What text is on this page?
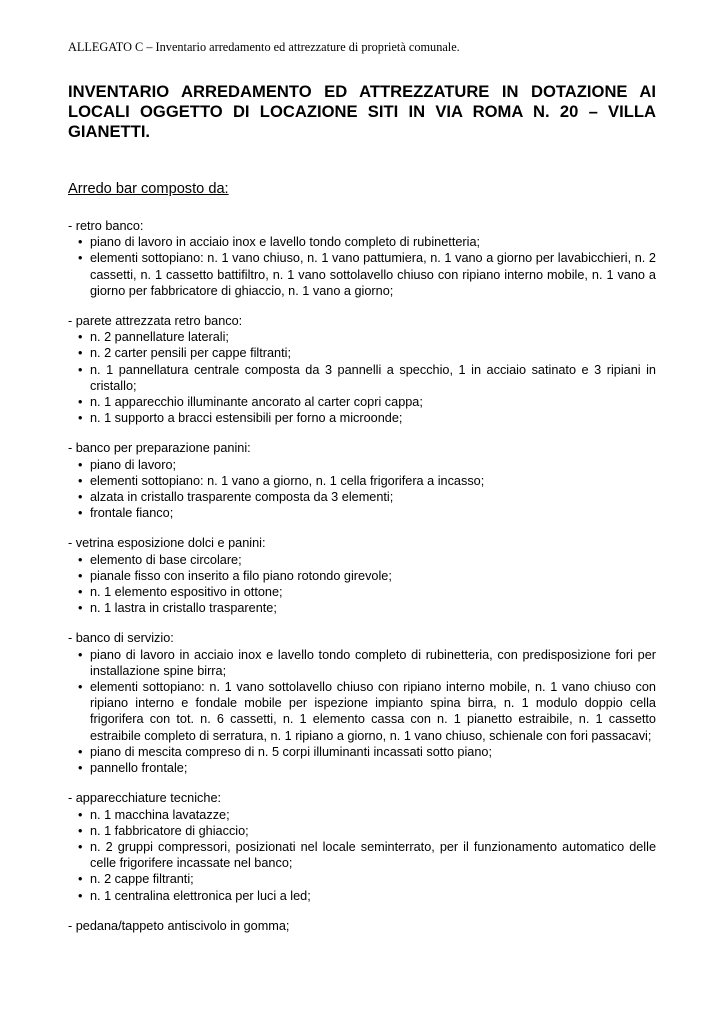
ALLEGATO C – Inventario arredamento ed attrezzature di proprietà comunale.
INVENTARIO ARREDAMENTO ED ATTREZZATURE IN DOTAZIONE AI LOCALI OGGETTO DI LOCAZIONE SITI IN VIA ROMA N. 20 – VILLA GIANETTI.
Arredo bar composto da:
- retro banco:
• piano di lavoro in acciaio inox e lavello tondo completo di rubinetteria;
• elementi sottopiano: n. 1 vano chiuso, n. 1 vano pattumiera, n. 1 vano a giorno per lavabicchieri, n. 2 cassetti, n. 1 cassetto battifiltro, n. 1 vano sottolavello chiuso con ripiano interno mobile, n. 1 vano a giorno per fabbricatore di ghiaccio, n. 1 vano a giorno;
- parete attrezzata retro banco:
• n. 2 pannellature laterali;
• n. 2 carter pensili per cappe filtranti;
• n. 1 pannellatura centrale composta da 3 pannelli a specchio, 1 in acciaio satinato e 3 ripiani in cristallo;
• n. 1 apparecchio illuminante ancorato al carter copri cappa;
• n. 1 supporto a bracci estensibili per forno a microonde;
- banco per preparazione panini:
• piano di lavoro;
• elementi sottopiano: n. 1 vano a giorno, n. 1 cella frigorifera a incasso;
• alzata in cristallo trasparente composta da 3 elementi;
• frontale fianco;
- vetrina esposizione dolci e panini:
• elemento di base circolare;
• pianale fisso con inserito a filo piano rotondo girevole;
• n. 1 elemento espositivo in ottone;
• n. 1 lastra in cristallo trasparente;
- banco di servizio:
• piano di lavoro in acciaio inox e lavello tondo completo di rubinetteria, con predisposizione fori per installazione spine birra;
• elementi sottopiano: n. 1 vano sottolavello chiuso con ripiano interno mobile, n. 1 vano chiuso con ripiano interno e fondale mobile per ispezione impianto spina birra, n. 1 modulo doppio cella frigorifera con tot. n. 6 cassetti, n. 1 elemento cassa con n. 1 pianetto estraibile, n. 1 cassetto estraibile completo di serratura, n. 1 ripiano a giorno, n. 1 vano chiuso, schienale con fori passacavi;
• piano di mescita compreso di n. 5 corpi illuminanti incassati sotto piano;
• pannello frontale;
- apparecchiature tecniche:
• n. 1 macchina lavatazze;
• n. 1 fabbricatore di ghiaccio;
• n. 2 gruppi compressori, posizionati nel locale seminterrato, per il funzionamento automatico delle celle frigorifere incassate nel banco;
• n. 2 cappe filtranti;
• n. 1 centralina elettronica per luci a led;
- pedana/tappeto antiscivolo in gomma;
